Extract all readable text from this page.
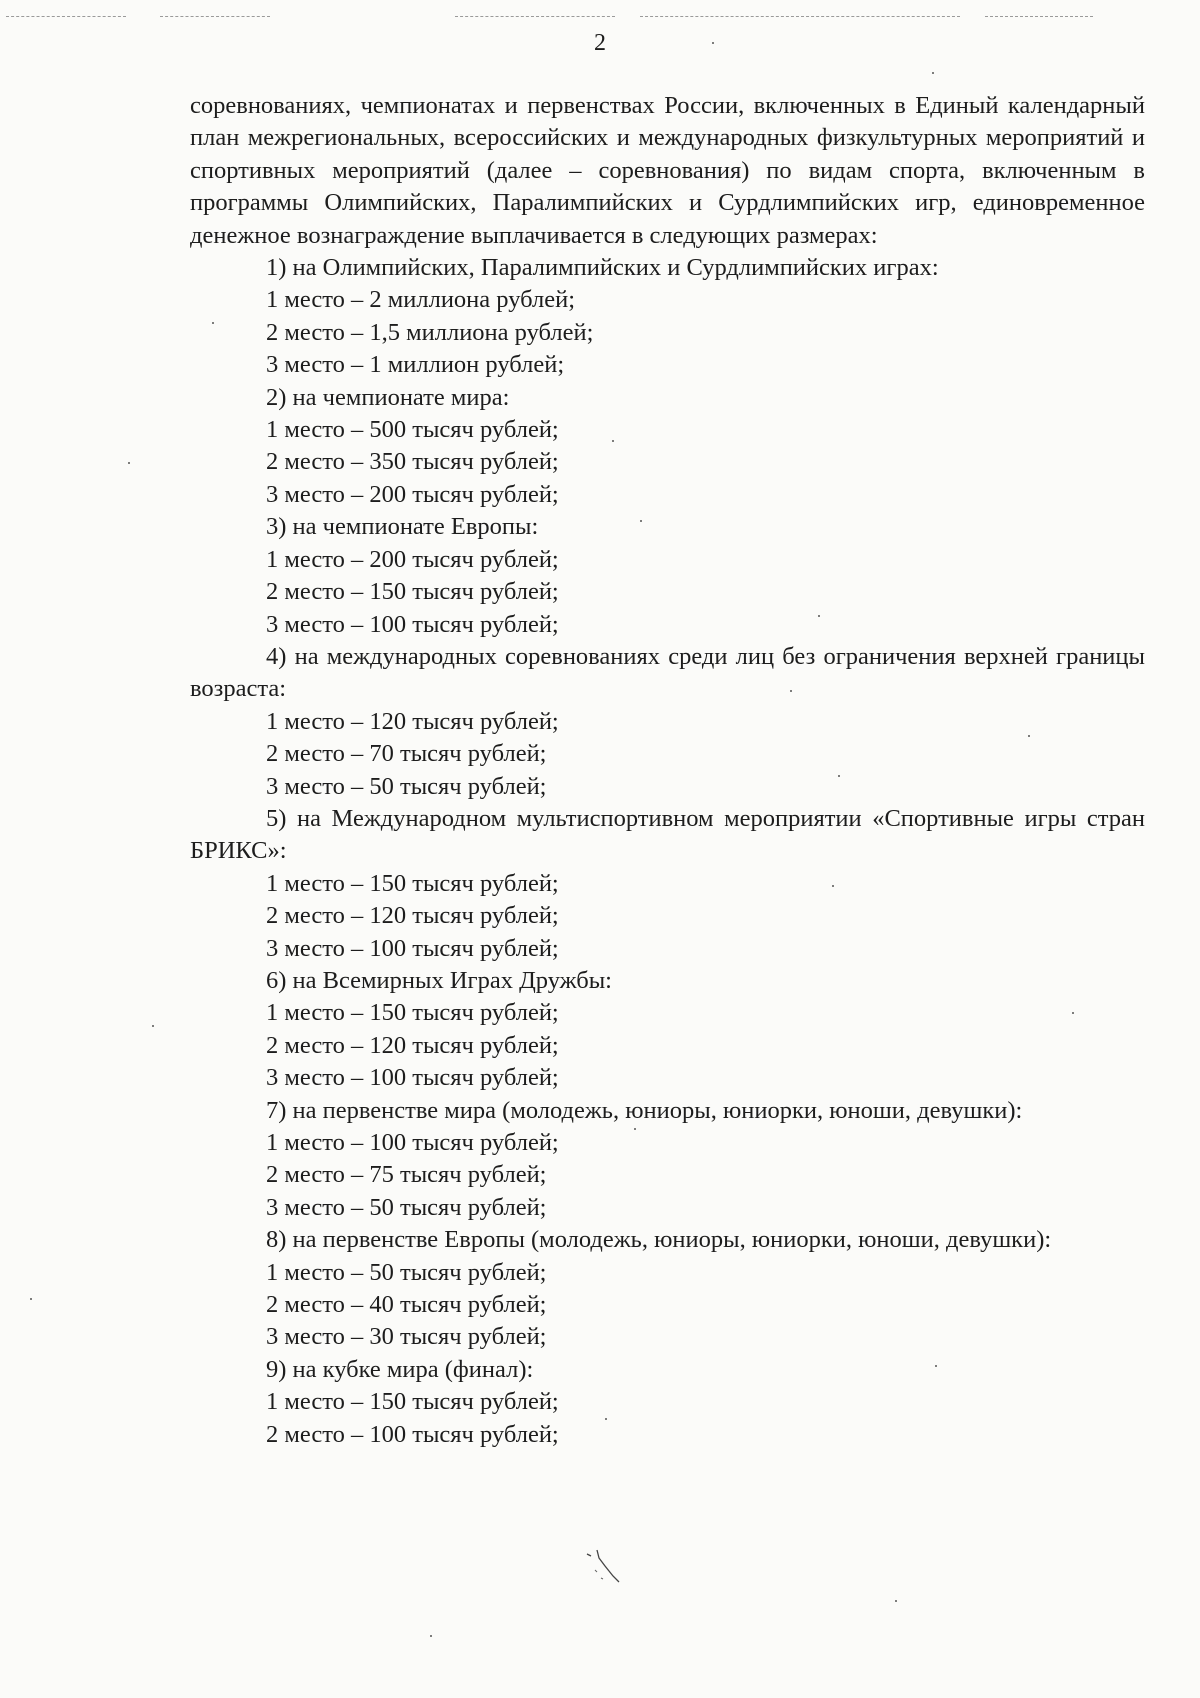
2

соревнованиях, чемпионатах и первенствах России, включенных в Единый календарный план межрегиональных, всероссийских и международных физкультурных мероприятий и спортивных мероприятий (далее – соревнования) по видам спорта, включенным в программы Олимпийских, Паралимпийских и Сурдлимпийских игр, единовременное денежное вознаграждение выплачивается в следующих размерах:

1) на Олимпийских, Паралимпийских и Сурдлимпийских играх:
1 место – 2 миллиона рублей;
2 место – 1,5 миллиона рублей;
3 место – 1 миллион рублей;
2) на чемпионате мира:
1 место – 500 тысяч рублей;
2 место – 350 тысяч рублей;
3 место – 200 тысяч рублей;
3) на чемпионате Европы:
1 место – 200 тысяч рублей;
2 место – 150 тысяч рублей;
3 место – 100 тысяч рублей;
4) на международных соревнованиях среди лиц без ограничения верхней границы возраста:
1 место – 120 тысяч рублей;
2 место – 70 тысяч рублей;
3 место – 50 тысяч рублей;
5) на Международном мультиспортивном мероприятии «Спортивные игры стран БРИКС»:
1 место – 150 тысяч рублей;
2 место – 120 тысяч рублей;
3 место – 100 тысяч рублей;
6) на Всемирных Играх Дружбы:
1 место – 150 тысяч рублей;
2 место – 120 тысяч рублей;
3 место – 100 тысяч рублей;
7) на первенстве мира (молодежь, юниоры, юниорки, юноши, девушки):
1 место – 100 тысяч рублей;
2 место – 75 тысяч рублей;
3 место – 50 тысяч рублей;
8) на первенстве Европы (молодежь, юниоры, юниорки, юноши, девушки):
1 место – 50 тысяч рублей;
2 место – 40 тысяч рублей;
3 место – 30 тысяч рублей;
9) на кубке мира (финал):
1 место – 150 тысяч рублей;
2 место – 100 тысяч рублей;
